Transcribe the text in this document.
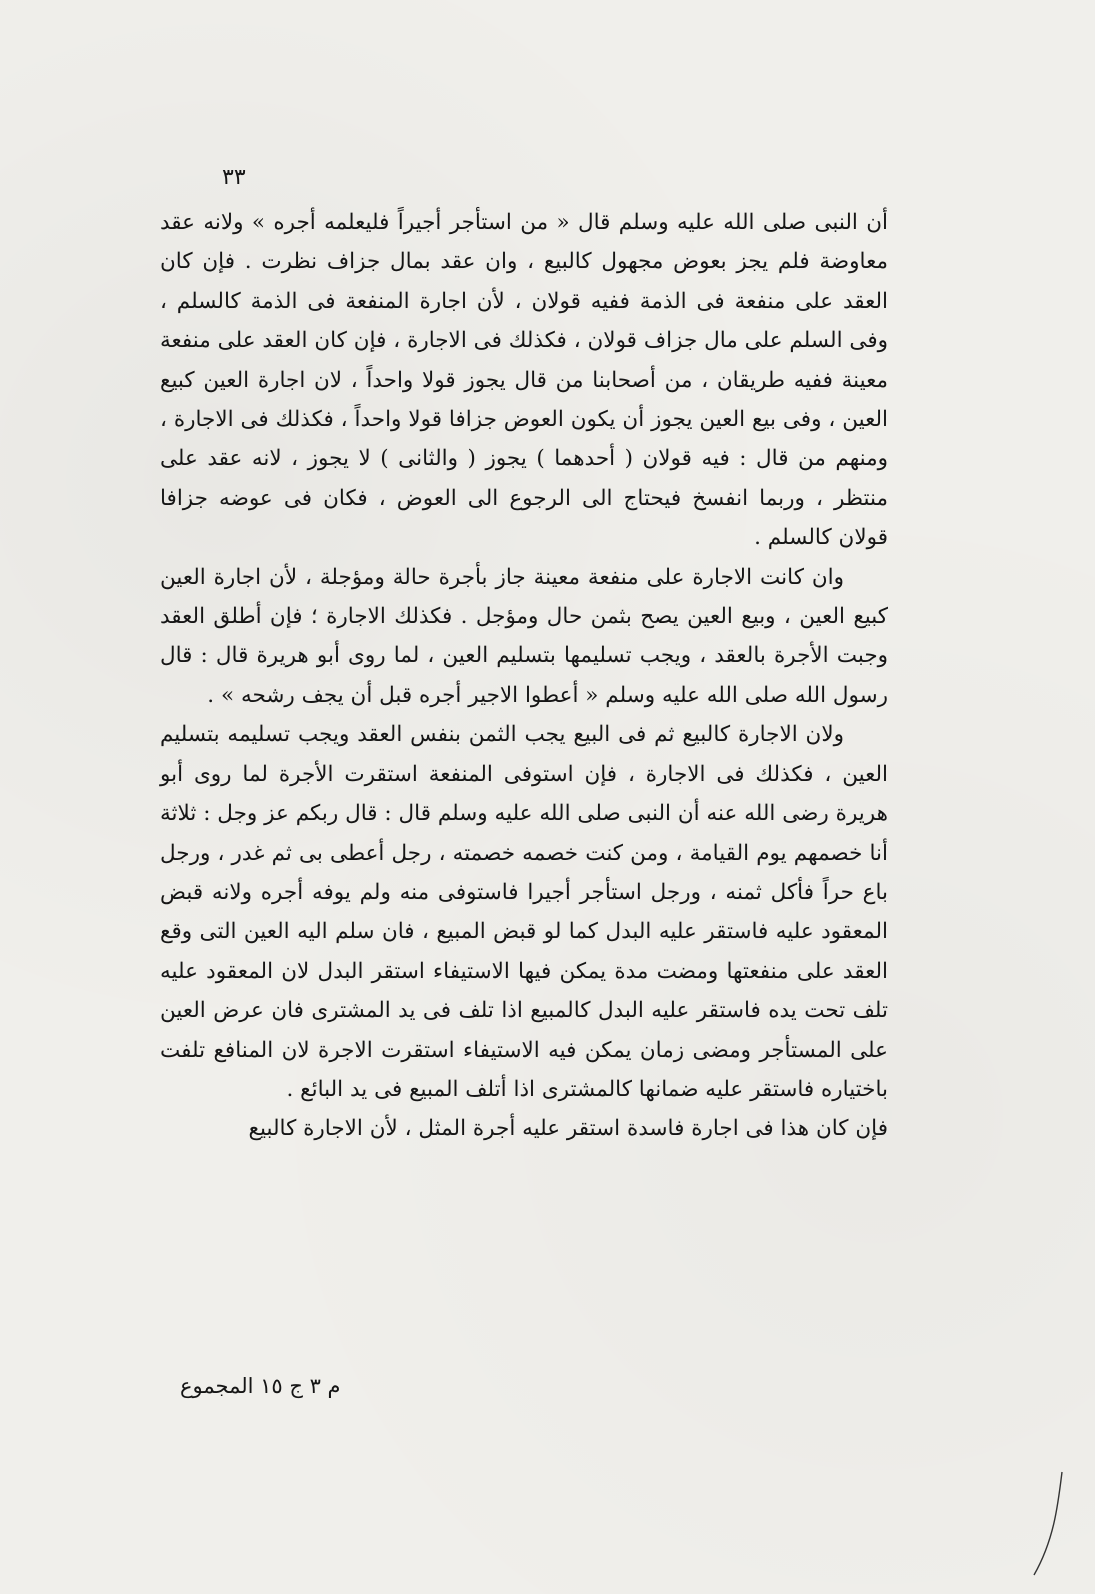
٣٣

أن النبى صلى الله عليه وسلم قال « من استأجر أجيراً فليعلمه أجره » ولانه عقد معاوضة فلم يجز بعوض مجهول كالبيع ، وان عقد بمال جزاف نظرت . فإن كان العقد على منفعة فى الذمة ففيه قولان ، لأن اجارة المنفعة فى الذمة كالسلم ، وفى السلم على مال جزاف قولان ، فكذلك فى الاجارة ، فإن كان العقد على منفعة معينة ففيه طريقان ، من أصحابنا من قال يجوز قولا واحداً ، لان اجارة العين كبيع العين ، وفى بيع العين يجوز أن يكون العوض جزافا قولا واحداً ، فكذلك فى الاجارة ، ومنهم من قال : فيه قولان ( أحدهما ) يجوز ( والثانى ) لا يجوز ، لانه عقد على منتظر ، وربما انفسخ فيحتاج الى الرجوع الى العوض ، فكان فى عوضه جزافا قولان كالسلم .

وان كانت الاجارة على منفعة معينة جاز بأجرة حالة ومؤجلة ، لأن اجارة العين كبيع العين ، وبيع العين يصح بثمن حال ومؤجل . فكذلك الاجارة ؛ فإن أطلق العقد وجبت الأجرة بالعقد ، ويجب تسليمها بتسليم العين ، لما روى أبو هريرة قال : قال رسول الله صلى الله عليه وسلم « أعطوا الاجير أجره قبل أن يجف رشحه » .

ولان الاجارة كالبيع ثم فى البيع يجب الثمن بنفس العقد ويجب تسليمه بتسليم العين ، فكذلك فى الاجارة ، فإن استوفى المنفعة استقرت الأجرة لما روى أبو هريرة رضى الله عنه أن النبى صلى الله عليه وسلم قال : قال ربكم عز وجل : ثلاثة أنا خصمهم يوم القيامة ، ومن كنت خصمه خصمته ، رجل أعطى بى ثم غدر ، ورجل باع حراً فأكل ثمنه ، ورجل استأجر أجيرا فاستوفى منه ولم يوفه أجره ولانه قبض المعقود عليه فاستقر عليه البدل كما لو قبض المبيع ، فان سلم اليه العين التى وقع العقد على منفعتها ومضت مدة يمكن فيها الاستيفاء استقر البدل لان المعقود عليه تلف تحت يده فاستقر عليه البدل كالمبيع اذا تلف فى يد المشترى فان عرض العين على المستأجر ومضى زمان يمكن فيه الاستيفاء استقرت الاجرة لان المنافع تلفت باختياره فاستقر عليه ضمانها كالمشترى اذا أتلف المبيع فى يد البائع .

فإن كان هذا فى اجارة فاسدة استقر عليه أجرة المثل ، لأن الاجارة كالبيع

م ٣ ج ١٥ المجموع
